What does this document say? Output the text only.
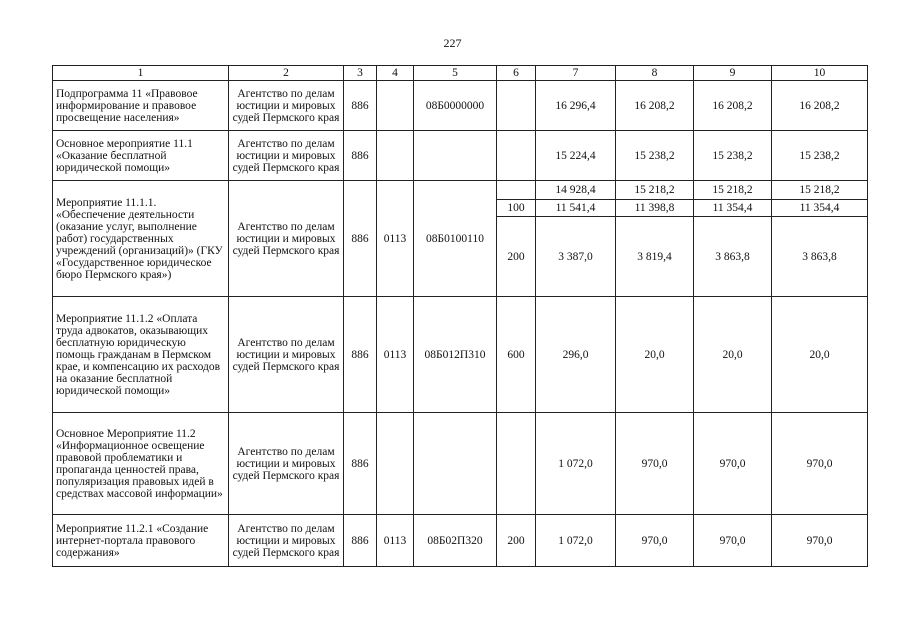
227
1	2	3	4	5	6	7	8	9	10
Подпрограмма 11 «Правовое информирование и правовое просвещение населения»	Агентство по делам юстиции и мировых судей Пермского края	886		08Б0000000		16 296,4	16 208,2	16 208,2	16 208,2
Основное мероприятие 11.1 «Оказание бесплатной юридической помощи»	Агентство по делам юстиции и мировых судей Пермского края	886				15 224,4	15 238,2	15 238,2	15 238,2
Мероприятие 11.1.1. «Обеспечение деятельности (оказание услуг, выполнение работ) государственных учреждений (организаций)» (ГКУ «Государственное юридическое бюро Пермского края»)	Агентство по делам юстиции и мировых судей Пермского края	886	0113	08Б0100110		14 928,4	15 218,2	15 218,2	15 218,2
					100	11 541,4	11 398,8	11 354,4	11 354,4
					200	3 387,0	3 819,4	3 863,8	3 863,8
Мероприятие 11.1.2 «Оплата труда адвокатов, оказывающих бесплатную юридическую помощь гражданам в Пермском крае, и компенсацию их расходов на оказание бесплатной юридической помощи»	Агентство по делам юстиции и мировых судей Пермского края	886	0113	08Б012П310	600	296,0	20,0	20,0	20,0
Основное Мероприятие 11.2 «Информационное освещение правовой проблематики и пропаганда ценностей права, популяризация правовых идей в средствах массовой информации»	Агентство по делам юстиции и мировых судей Пермского края	886				1 072,0	970,0	970,0	970,0
Мероприятие 11.2.1 «Создание интернет-портала правового содержания»	Агентство по делам юстиции и мировых судей Пермского края	886	0113	08Б02П320	200	1 072,0	970,0	970,0	970,0
